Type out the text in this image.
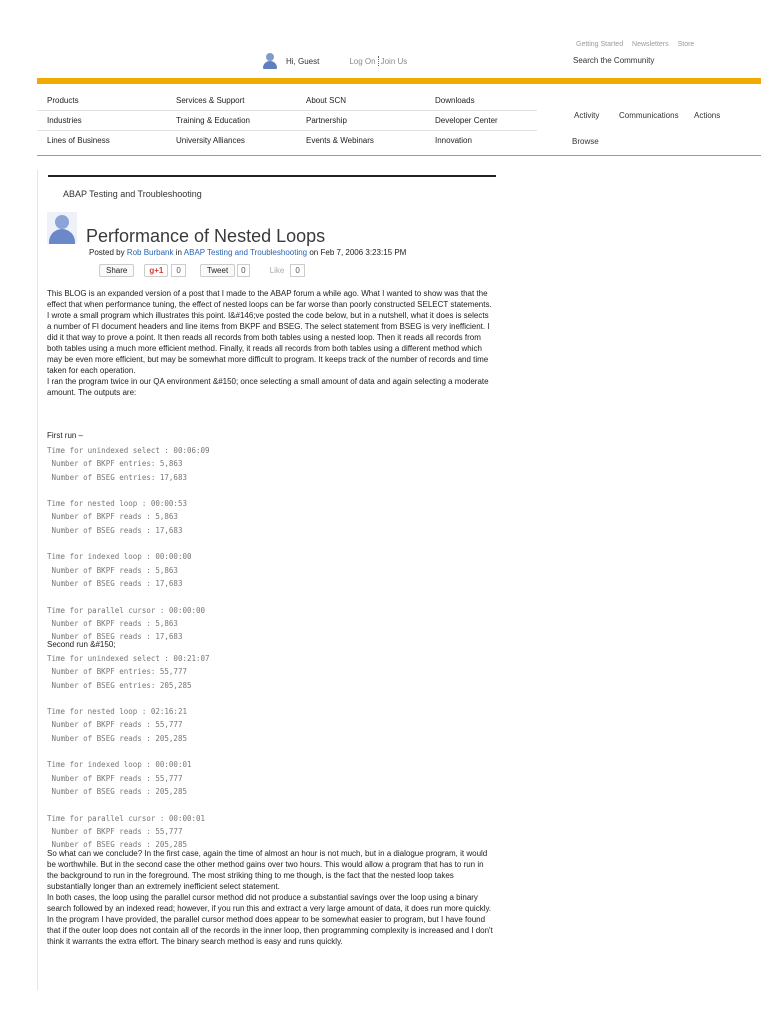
Getting Started Newsletters Store
Search the Community
Hi, Guest	Log On Join Us
Products
Industries
Lines of Business
Services & Support
Training & Education
University Alliances
About SCN
Partnership
Events & Webinars
Downloads
Developer Center
Innovation
Activity Communications Actions
Browse
ABAP Testing and Troubleshooting
Performance of Nested Loops
Posted by Rob Burbank in ABAP Testing and Troubleshooting on Feb 7, 2006 3:23:15 PM
Share	g+1	0	Tweet	0	Like	0

This BLOG is an expanded version of a post that I made to the ABAP forum a while ago. What I wanted to show was that the effect that when performance tuning, the effect of nested loops can be far worse than poorly constructed SELECT statements.

I wrote a small program which illustrates this point. I&#146;ve posted the code below, but in a nutshell, what it does is selects a number of FI document headers and line items from BKPF and BSEG. The select statement from BSEG is very inefficient. I did it that way to prove a point. It then reads all records from both tables using a nested loop. Then it reads all records from both tables using a much more efficient method. Finally, it reads all records from both tables using a different method which may be even more efficient, but may be somewhat more difficult to program. It keeps track of the number of records and time taken for each operation.

I ran the program twice in our QA environment &#150; once selecting a small amount of data and again selecting a moderate amount. The outputs are:

First run –
Time for unindexed select : 00:06:09
Number of BKPF entries: 5,863
Number of BSEG entries: 17,683

Time for nested loop : 00:00:53
Number of BKPF reads : 5,863
Number of BSEG reads : 17,683

Time for indexed loop : 00:00:00
Number of BKPF reads : 5,863
Number of BSEG reads : 17,683

Time for parallel cursor : 00:00:00
Number of BKPF reads : 5,863
Number of BSEG reads : 17,683
Second run &#150;
Time for unindexed select : 00:21:07
Number of BKPF entries: 55,777
Number of BSEG entries: 205,285

Time for nested loop : 02:16:21
Number of BKPF reads : 55,777
Number of BSEG reads : 205,285

Time for indexed loop : 00:00:01
Number of BKPF reads : 55,777
Number of BSEG reads : 205,285

Time for parallel cursor : 00:00:01
Number of BKPF reads : 55,777
Number of BSEG reads : 205,285

So what can we conclude? In the first case, again the time of almost an hour is not much, but in a dialogue program, it would be worthwhile. But in the second case the other method gains over two hours. This would allow a program that has to run in the background to run in the foreground. The most striking thing to me though, is the fact that the nested loop takes substantially longer than an extremely inefficient select statement.

In both cases, the loop using the parallel cursor method did not produce a substantial savings over the loop using a binary search followed by an indexed read; however, if you run this and extract a very large amount of data, it does run more quickly. In the program I have provided, the parallel cursor method does appear to be somewhat easier to program, but I have found that if the outer loop does not contain all of the records in the inner loop, then programming complexity is increased and I don't think it warrants the extra effort. The binary search method is easy and runs quickly.
